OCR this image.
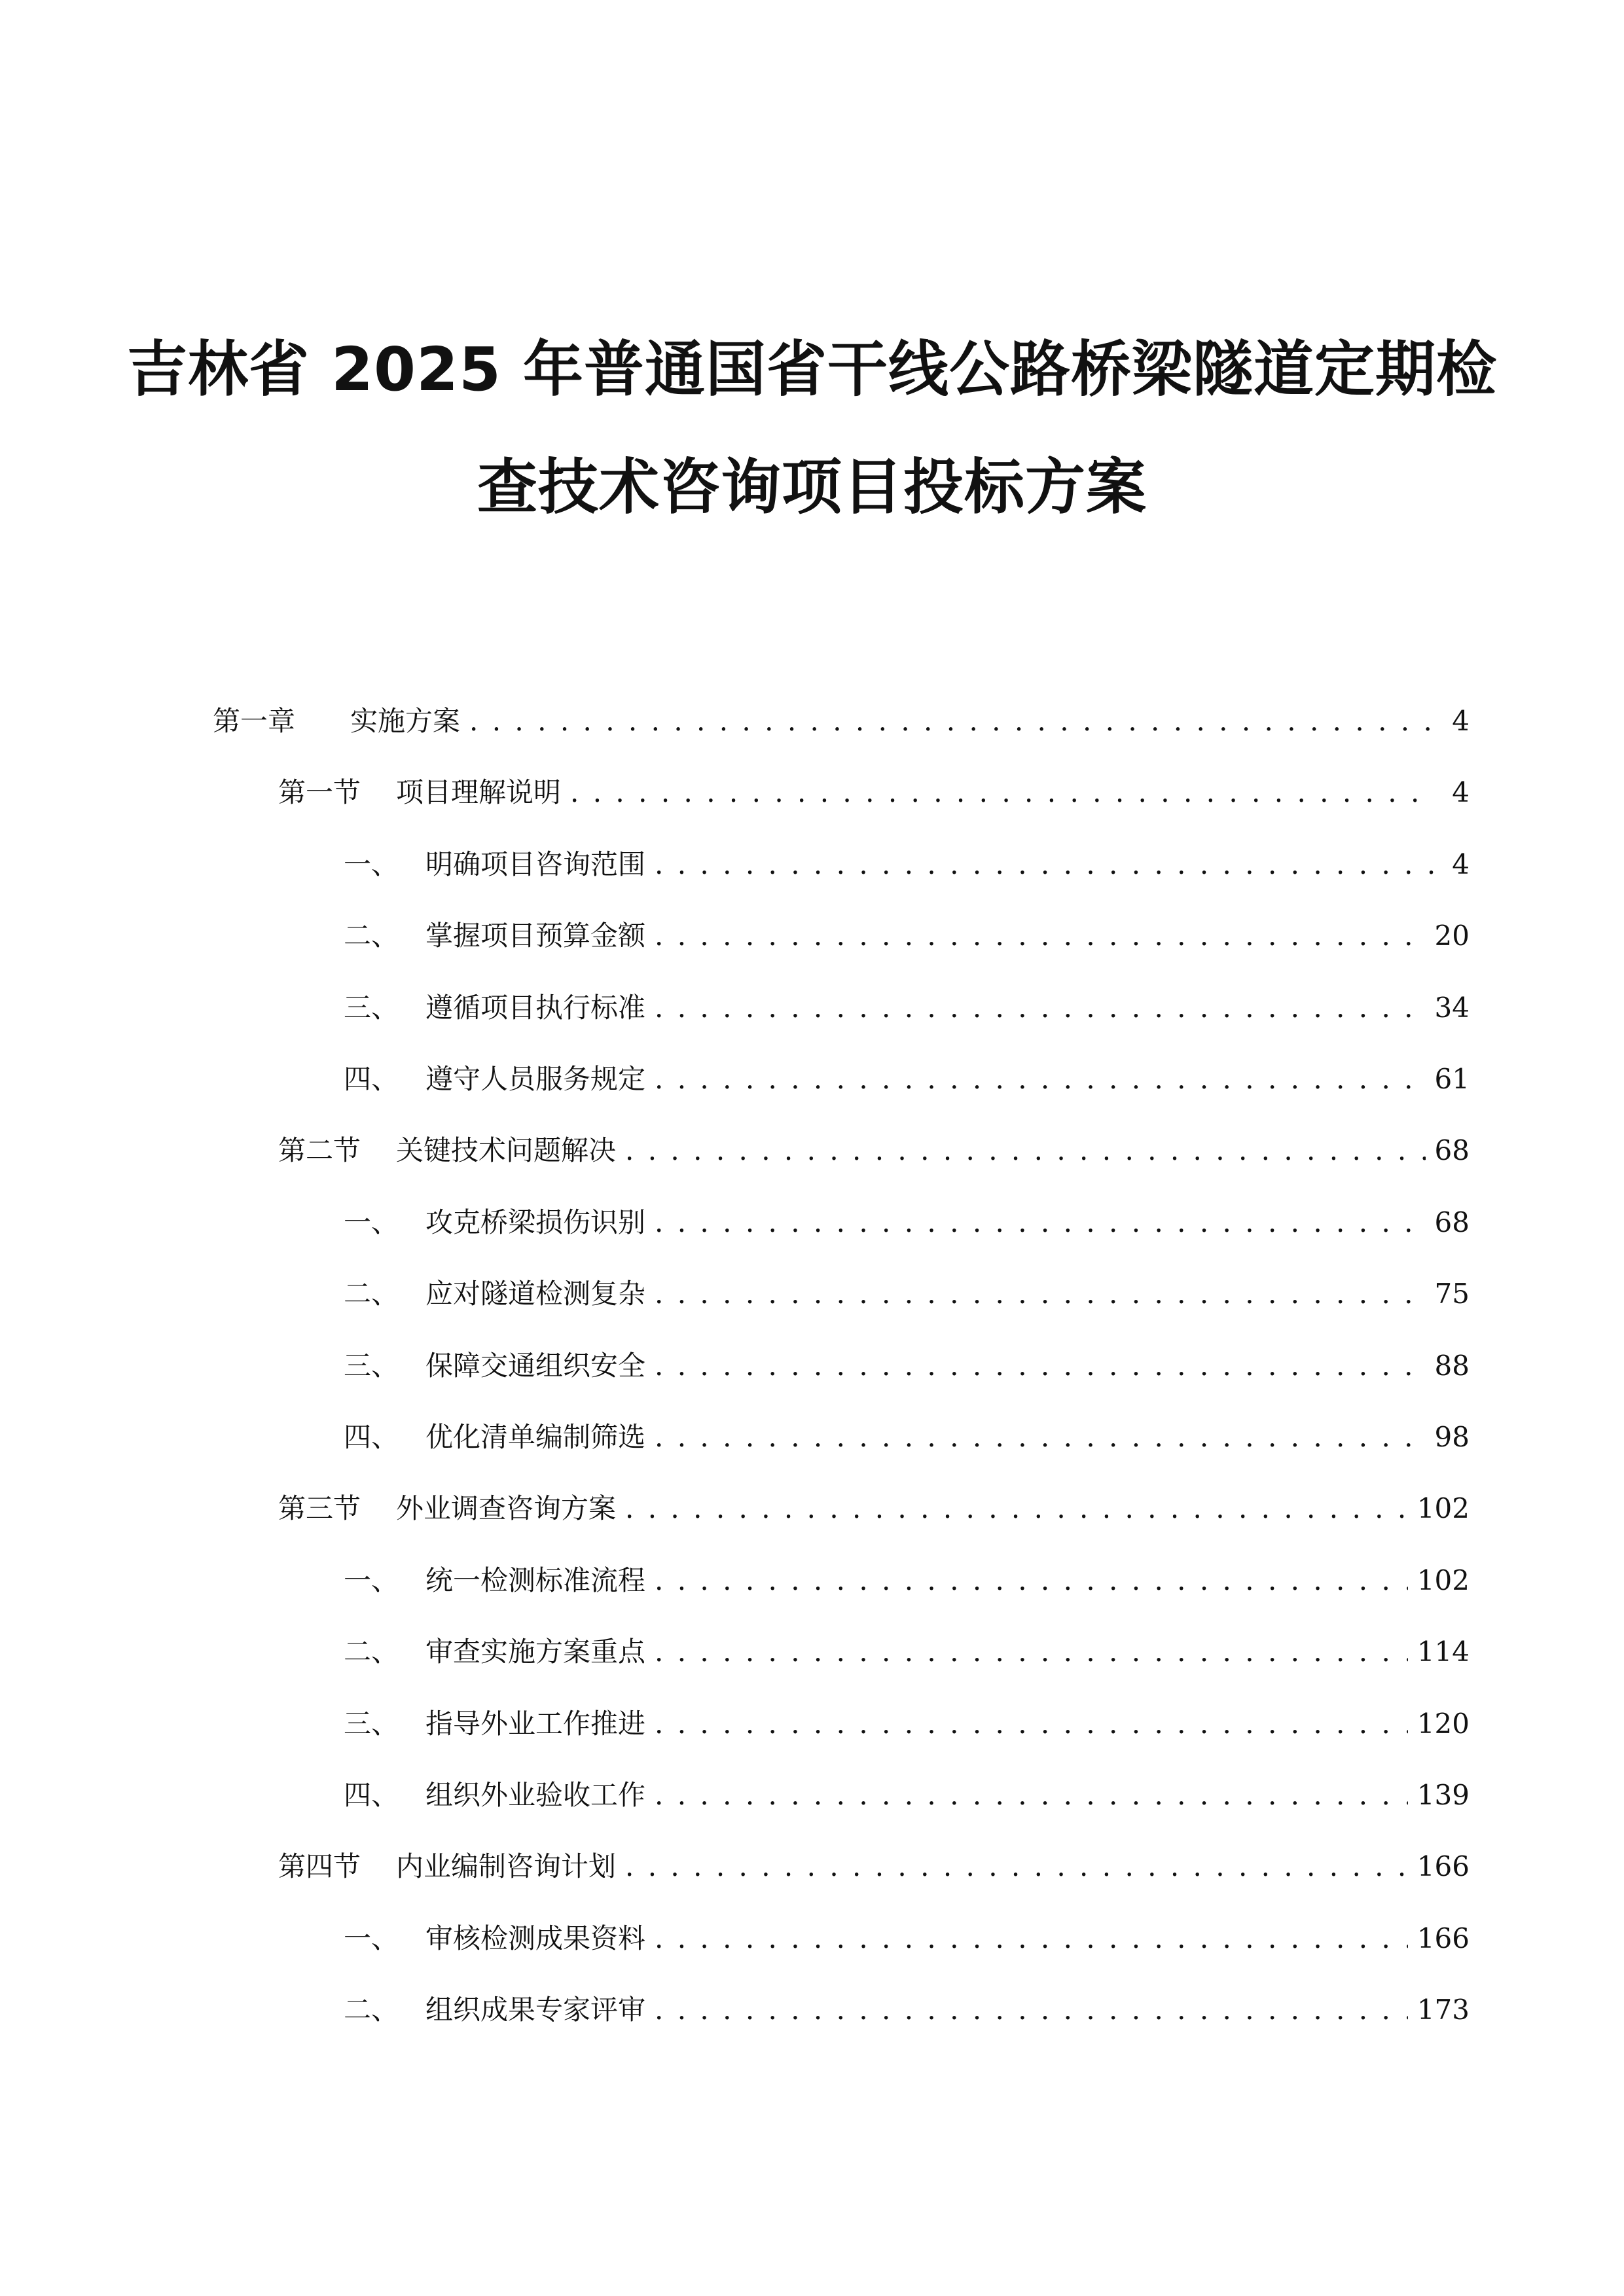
吉林省 2025 年普通国省干线公路桥梁隧道定期检
查技术咨询项目投标方案
第一章	实施方案 . . .	4
第一节	项目理解说明 . . .	4
一、 明确项目咨询范围 . . .	4
二、 掌握项目预算金额 . . .	20
三、 遵循项目执行标准 . . .	34
四、 遵守人员服务规定 . . .	61
第二节	关键技术问题解决 . . .	68
一、 攻克桥梁损伤识别 . . .	68
二、 应对隧道检测复杂 . . .	75
三、 保障交通组织安全 . . .	88
四、 优化清单编制筛选 . . .	98
第三节	外业调查咨询方案 . . .	102
一、 统一检测标准流程 . . .	102
二、 审查实施方案重点 . . .	114
三、 指导外业工作推进 . . .	120
四、 组织外业验收工作 . . .	139
第四节	内业编制咨询计划 . . .	166
一、 审核检测成果资料 . . .	166
二、 组织成果专家评审 . . .	173
